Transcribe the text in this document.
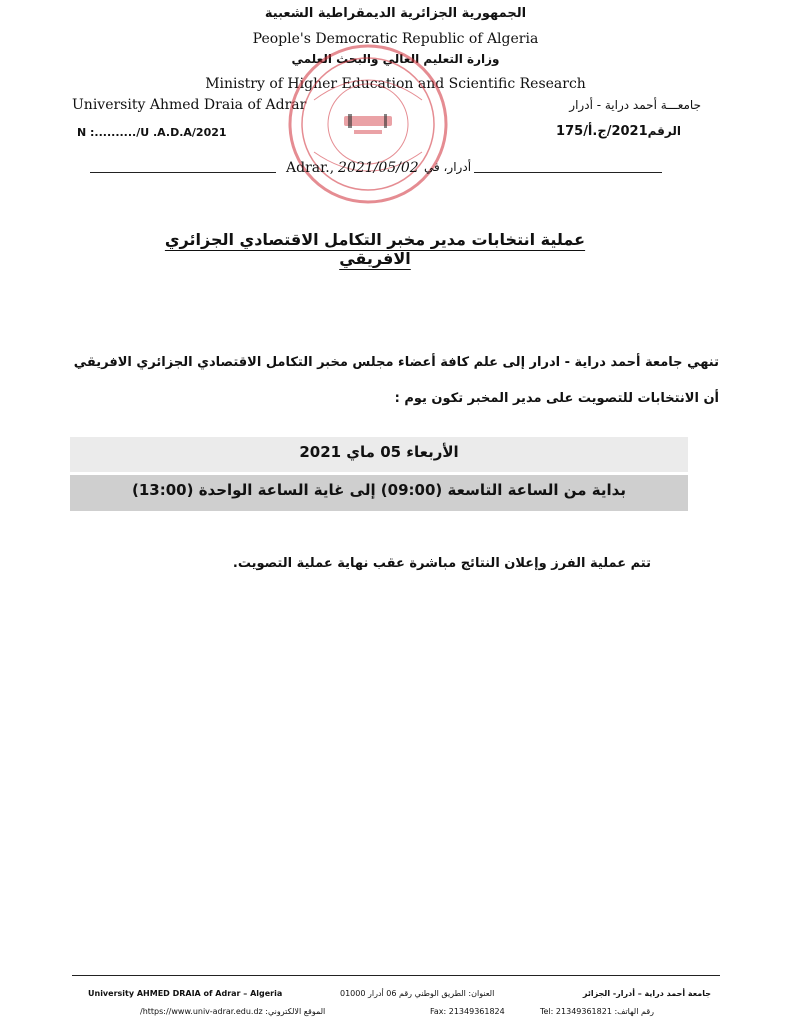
الجمهورية الجزائرية الديمقراطية الشعبية
People's Democratic Republic of Algeria
وزارة التعليم العالي والبحث العلمي
Ministry of Higher Education and Scientific Research
University Ahmed Draia of Adrar	جامعـــة أحمد دراية - أدرار
N :........../U .A.D.A/2021	الرقم2021/ج.أ/175
Adrar., 2021/05/02 أدرار، في
عملية انتخابات مدير مخبر التكامل الاقتصادي الجزائري الافريقي
تنهي جامعة أحمد دراية - ادرار إلى علم كافة أعضاء مجلس مخبر التكامل الاقتصادي الجزائري الافريقي أن الانتخابات للتصويت على مدير المخبر تكون يوم :
الأربعاء 05 ماي 2021
بداية من الساعة التاسعة (09:00) إلى غاية الساعة الواحدة (13:00)
تتم عملية الفرز وإعلان النتائج مباشرة عقب نهاية عملية التصويت.
University AHMED DRAIA of Adrar – Algeria	العنوان: الطريق الوطني رقم 06 أدرار 01000	جامعة أحمد دراية – أدرار- الجزائر
الموقع الالكتروني: https://www.univ-adrar.edu.dz/	Fax: 21349361824	رقم الهاتف: 21349361821 :Tel
